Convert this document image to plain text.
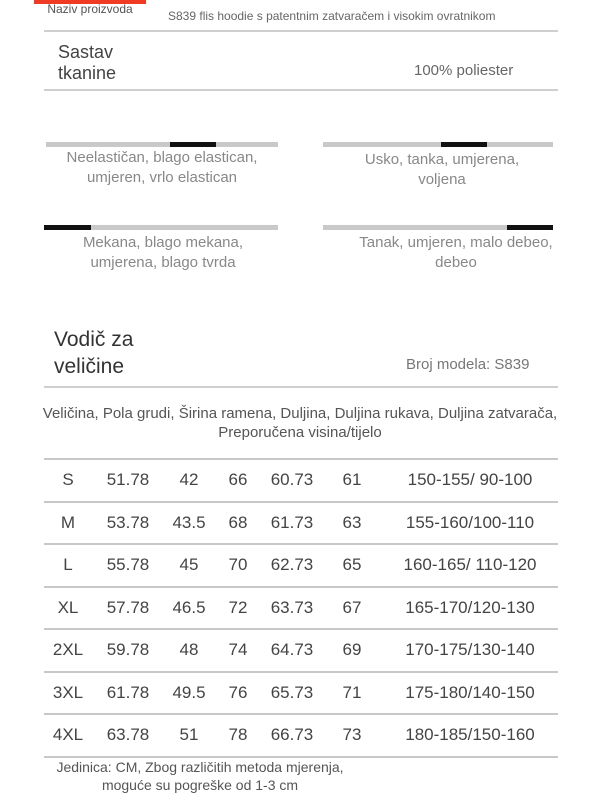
Naziv proizvoda	S839 flis hoodie s patentnim zatvaračem i visokim ovratnikom
Sastav tkanine	100% poliester
Neelastičan, blago elastican, umjeren, vrlo elastican
Usko, tanka, umjerena, voljena
Mekana, blago mekana, umjerena, blago tvrda
Tanak, umjeren, malo debeo, debeo
Vodič za veličine	Broj modela: S839
Veličina, Pola grudi, Širina ramena, Duljina, Duljina rukava, Duljina zatvarača, Preporučena visina/tijelo
S	51.78	42	66	60.73	61	150-155/ 90-100
M	53.78	43.5	68	61.73	63	155-160/100-110
L	55.78	45	70	62.73	65	160-165/ 110-120
XL	57.78	46.5	72	63.73	67	165-170/120-130
2XL	59.78	48	74	64.73	69	170-175/130-140
3XL	61.78	49.5	76	65.73	71	175-180/140-150
4XL	63.78	51	78	66.73	73	180-185/150-160
Jedinica: CM, Zbog različitih metoda mjerenja, moguće su pogreške od 1-3 cm
